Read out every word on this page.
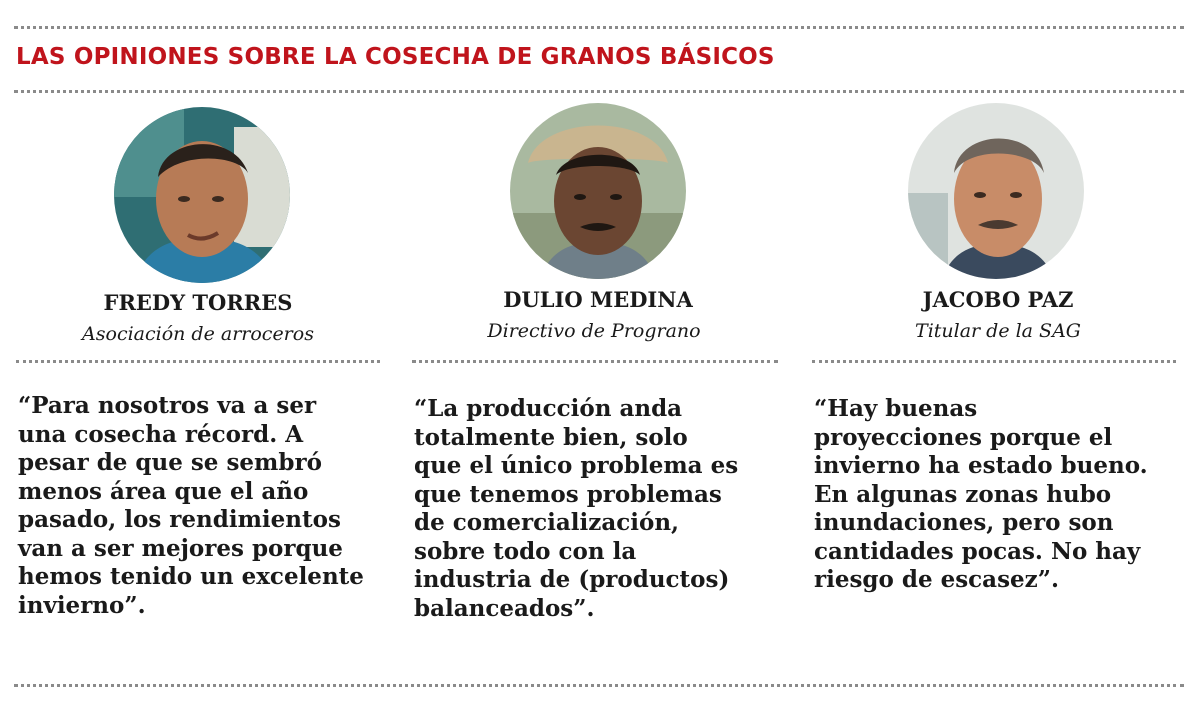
LAS OPINIONES SOBRE LA COSECHA DE GRANOS BÁSICOS
FREDY TORRES
Asociación de arroceros
“Para nosotros va a ser
una cosecha récord. A
pesar de que se sembró
menos área que el año
pasado, los rendimientos
van a ser mejores porque
hemos tenido un excelente
invierno”.
DULIO MEDINA
Directivo de Prograno
“La producción anda
totalmente bien, solo
que el único problema es
que tenemos problemas
de comercialización,
sobre todo con la
industria de (productos)
balanceados”.
JACOBO PAZ
Titular de la SAG
“Hay buenas
proyecciones porque el
invierno ha estado bueno.
En algunas zonas hubo
inundaciones, pero son
cantidades pocas. No hay
riesgo de escasez”.
